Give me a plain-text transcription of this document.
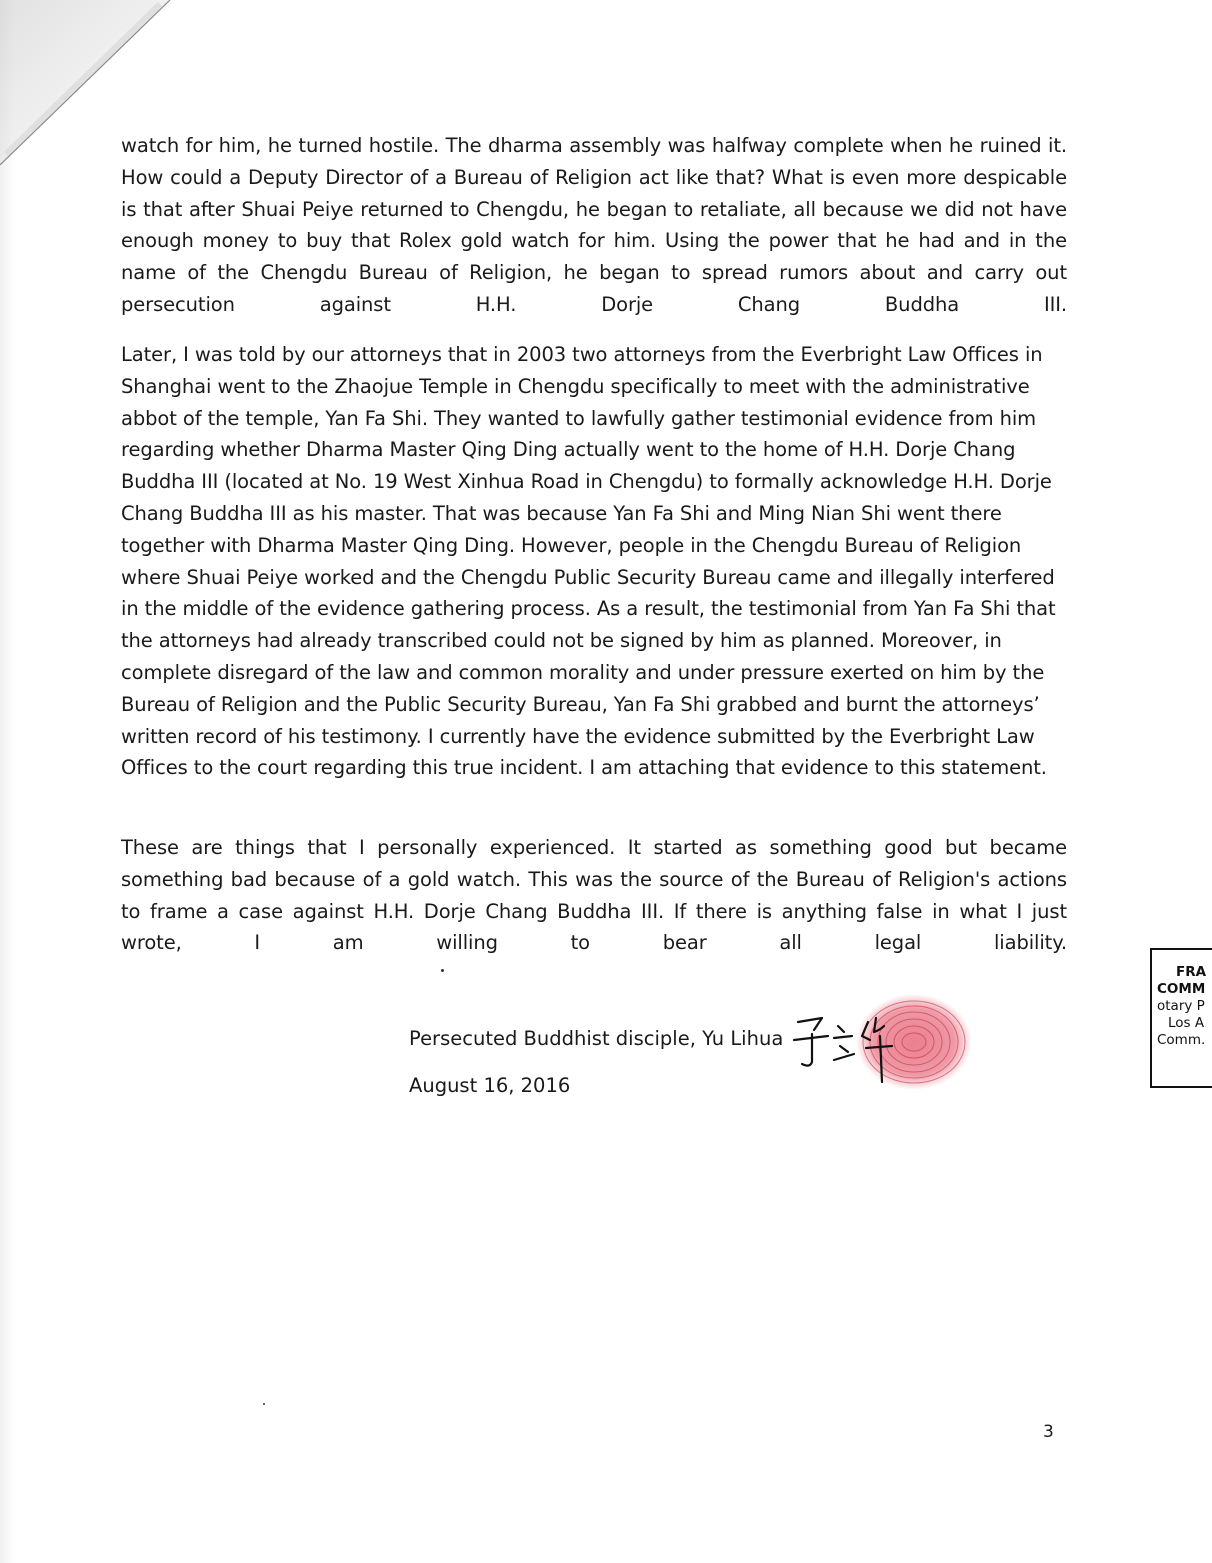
watch for him, he turned hostile. The dharma assembly was halfway complete when he ruined it. How could a Deputy Director of a Bureau of Religion act like that? What is even more despicable is that after Shuai Peiye returned to Chengdu, he began to retaliate, all because we did not have enough money to buy that Rolex gold watch for him. Using the power that he had and in the name of the Chengdu Bureau of Religion, he began to spread rumors about and carry out persecution against H.H. Dorje Chang Buddha III.

Later, I was told by our attorneys that in 2003 two attorneys from the Everbright Law Offices in Shanghai went to the Zhaojue Temple in Chengdu specifically to meet with the administrative abbot of the temple, Yan Fa Shi. They wanted to lawfully gather testimonial evidence from him regarding whether Dharma Master Qing Ding actually went to the home of H.H. Dorje Chang Buddha III (located at No. 19 West Xinhua Road in Chengdu) to formally acknowledge H.H. Dorje Chang Buddha III as his master. That was because Yan Fa Shi and Ming Nian Shi went there together with Dharma Master Qing Ding. However, people in the Chengdu Bureau of Religion where Shuai Peiye worked and the Chengdu Public Security Bureau came and illegally interfered in the middle of the evidence gathering process. As a result, the testimonial from Yan Fa Shi that the attorneys had already transcribed could not be signed by him as planned. Moreover, in complete disregard of the law and common morality and under pressure exerted on him by the Bureau of Religion and the Public Security Bureau, Yan Fa Shi grabbed and burnt the attorneys’ written record of his testimony. I currently have the evidence submitted by the Everbright Law Offices to the court regarding this true incident. I am attaching that evidence to this statement.

These are things that I personally experienced. It started as something good but became something bad because of a gold watch. This was the source of the Bureau of Religion's actions to frame a case against H.H. Dorje Chang Buddha III. If there is anything false in what I just wrote, I am willing to bear all legal liability.

Persecuted Buddhist disciple, Yu Lihua
August 16, 2016
FRA
COMM
otary P
Los A
Comm.
3
